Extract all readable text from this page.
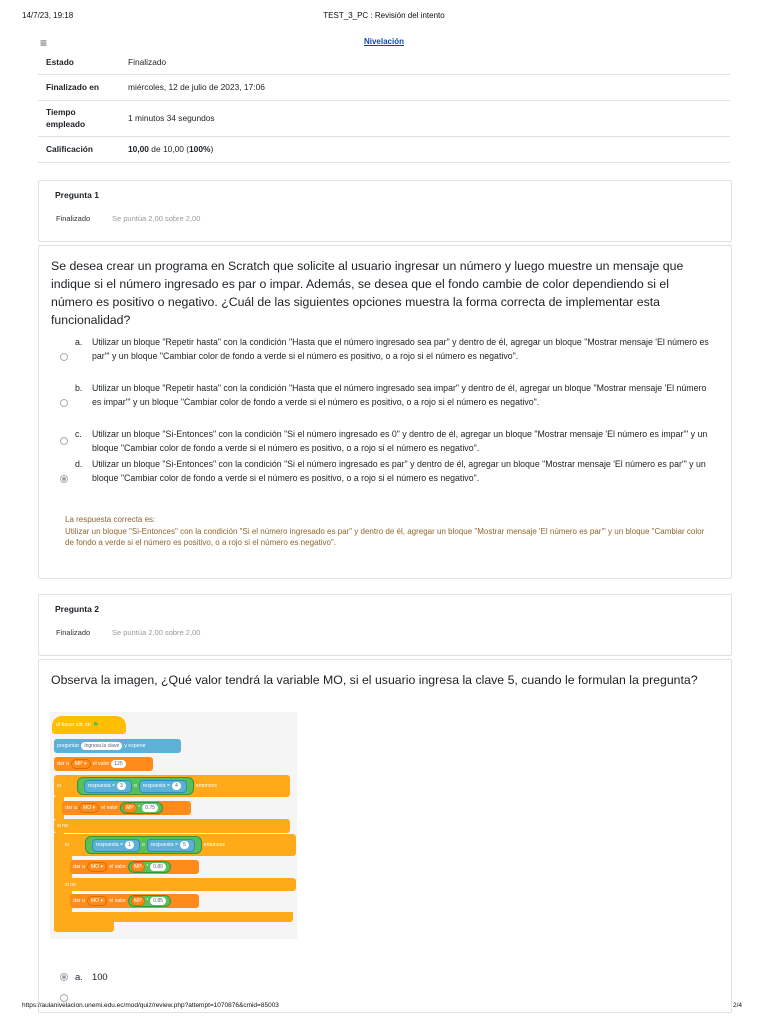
14/7/23, 19:18	TEST_3_PC : Revisión del intento
≡	Nivelación
Estado	Finalizado
Finalizado en	miércoles, 12 de julio de 2023, 17:06
Tiempo empleado	1 minutos 34 segundos
Calificación	10,00 de 10,00 (100%)
Pregunta 1
Finalizado	Se puntúa 2,00 sobre 2,00
Se desea crear un programa en Scratch que solicite al usuario ingresar un número y luego muestre un mensaje que indique si el número ingresado es par o impar. Además, se desea que el fondo cambie de color dependiendo si el número es positivo o negativo. ¿Cuál de las siguientes opciones muestra la forma correcta de implementar esta funcionalidad?
a.	Utilizar un bloque "Repetir hasta" con la condición "Hasta que el número ingresado sea par" y dentro de él, agregar un bloque "Mostrar mensaje 'El número es par'" y un bloque "Cambiar color de fondo a verde si el número es positivo, o a rojo si el número es negativo".
b.	Utilizar un bloque "Repetir hasta" con la condición "Hasta que el número ingresado sea impar" y dentro de él, agregar un bloque "Mostrar mensaje 'El número es impar'" y un bloque "Cambiar color de fondo a verde si el número es positivo, o a rojo si el número es negativo".
c.	Utilizar un bloque "Si-Entonces" con la condición "Si el número ingresado es 0" y dentro de él, agregar un bloque "Mostrar mensaje 'El número es impar'" y un bloque "Cambiar color de fondo a verde si el número es positivo, o a rojo si el número es negativo".
d.	Utilizar un bloque "Si-Entonces" con la condición "Si el número ingresado es par" y dentro de él, agregar un bloque "Mostrar mensaje 'El número es par'" y un bloque "Cambiar color de fondo a verde si el número es positivo, o a rojo si el número es negativo".
La respuesta correcta es:
Utilizar un bloque "Si-Entonces" con la condición "Si el número ingresado es par" y dentro de él, agregar un bloque "Mostrar mensaje 'El número es par'" y un bloque "Cambiar color de fondo a verde si el número es positivo, o a rojo si el número es negativo".
Pregunta 2
Finalizado	Se puntúa 2,00 sobre 2,00
Observa la imagen, ¿Qué valor tendrá la variable MO, si el usuario ingresa la clave 5, cuando le formulan la pregunta?
al hacer clic en ⚑
preguntar	Ingresa la clave y esperar
dar a	MP ▾	el valor	125
si	respuesta
=	3	o respuesta
=	4	entonces
dar a	MO ▾	el valor	MP
*	0.75
si no
si	respuesta
=	1	o respuesta
=	5	entonces
dar a	MO ▾	el valor	MP
*	0.80
si no
dar a	MO ▾	el valor	MP
*	0.85
a. 100
https://aulanivelacion.unemi.edu.ec/mod/quiz/review.php?attempt=1070876&cmid=85003	2/4
